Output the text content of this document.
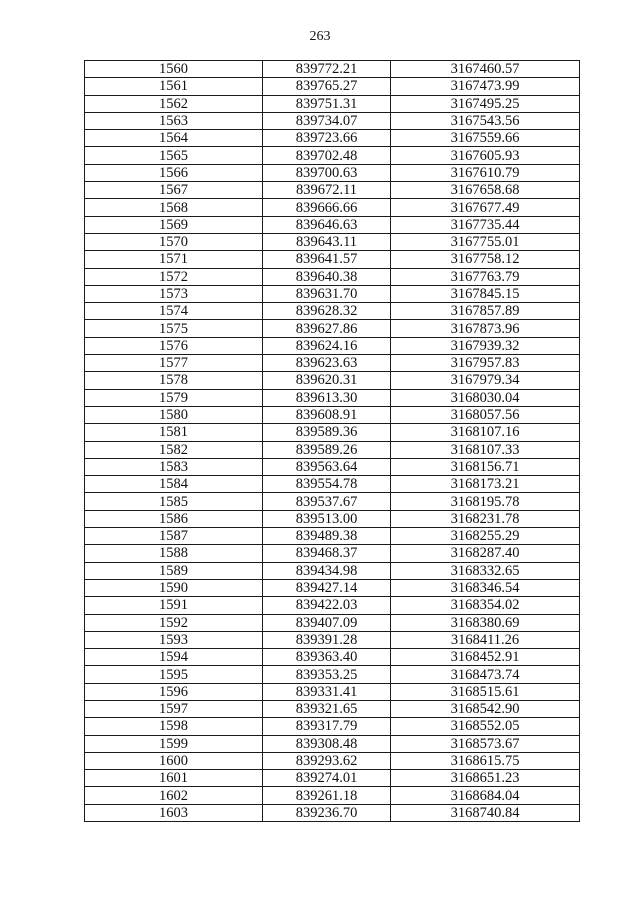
263
1560	839772.21	3167460.57
1561	839765.27	3167473.99
1562	839751.31	3167495.25
1563	839734.07	3167543.56
1564	839723.66	3167559.66
1565	839702.48	3167605.93
1566	839700.63	3167610.79
1567	839672.11	3167658.68
1568	839666.66	3167677.49
1569	839646.63	3167735.44
1570	839643.11	3167755.01
1571	839641.57	3167758.12
1572	839640.38	3167763.79
1573	839631.70	3167845.15
1574	839628.32	3167857.89
1575	839627.86	3167873.96
1576	839624.16	3167939.32
1577	839623.63	3167957.83
1578	839620.31	3167979.34
1579	839613.30	3168030.04
1580	839608.91	3168057.56
1581	839589.36	3168107.16
1582	839589.26	3168107.33
1583	839563.64	3168156.71
1584	839554.78	3168173.21
1585	839537.67	3168195.78
1586	839513.00	3168231.78
1587	839489.38	3168255.29
1588	839468.37	3168287.40
1589	839434.98	3168332.65
1590	839427.14	3168346.54
1591	839422.03	3168354.02
1592	839407.09	3168380.69
1593	839391.28	3168411.26
1594	839363.40	3168452.91
1595	839353.25	3168473.74
1596	839331.41	3168515.61
1597	839321.65	3168542.90
1598	839317.79	3168552.05
1599	839308.48	3168573.67
1600	839293.62	3168615.75
1601	839274.01	3168651.23
1602	839261.18	3168684.04
1603	839236.70	3168740.84
